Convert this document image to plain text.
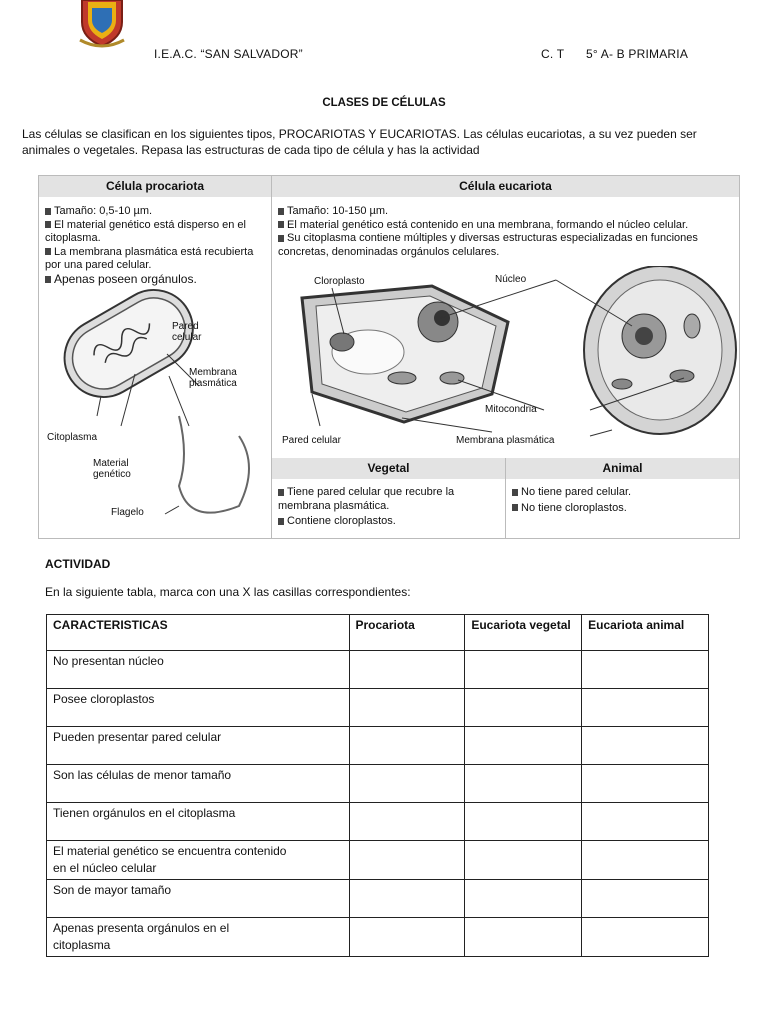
I.E.A.C. “SAN SALVADOR”	C. T 5° A- B PRIMARIA
CLASES DE CÉLULAS
Las células se clasifican en los siguientes tipos, PROCARIOTAS Y EUCARIOTAS. Las células eucariotas, a su vez pueden ser
animales o vegetales. Repasa las estructuras de cada tipo de célula y has la actividad
Célula procariota	Célula eucariota
Tamaño: 0,5-10 µm.
El material genético está disperso en el citoplasma.
La membrana plasmática está recubierta por una pared celular.
Apenas poseen orgánulos.
Tamaño: 10-150 µm.
El material genético está contenido en una membrana, formando el núcleo celular.
Su citoplasma contiene múltiples y diversas estructuras especializadas en funciones concretas, denominadas orgánulos celulares.
Pared celular
Membrana plasmática
Citoplasma
Material genético
Flagelo
Cloroplasto	Núcleo
Mitocondria
Pared celular	Membrana plasmática
Vegetal	Animal
Tiene pared celular que recubre la membrana plasmática.
Contiene cloroplastos.
No tiene pared celular.
No tiene cloroplastos.
ACTIVIDAD
En la siguiente tabla, marca con una X las casillas correspondientes:
CARACTERISTICAS	Procariota	Eucariota vegetal	Eucariota animal
No presentan núcleo			
Posee cloroplastos			
Pueden presentar pared celular			
Son las células de menor tamaño			
Tienen orgánulos en el citoplasma			
El material genético se encuentra contenido en el núcleo celular			
Son de mayor tamaño			
Apenas presenta orgánulos en el citoplasma			
